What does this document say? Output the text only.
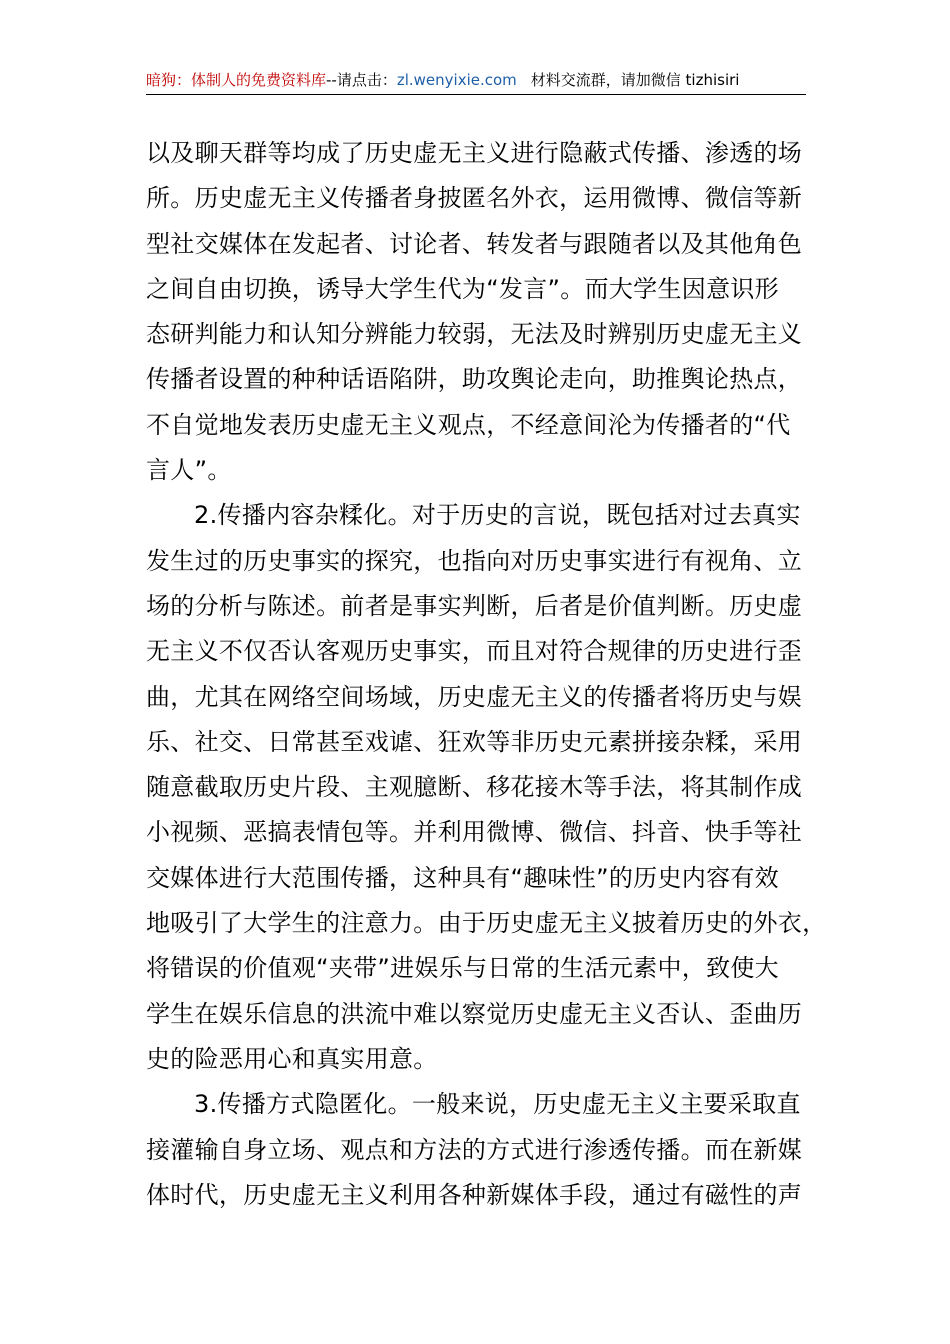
暗狗：体制人的免费资料库--请点击：zl.wenyixie.com 材料交流群，请加微信 tizhisiri
以及聊天群等均成了历史虚无主义进行隐蔽式传播、渗透的场
所。历史虚无主义传播者身披匿名外衣，运用微博、微信等新
型社交媒体在发起者、讨论者、转发者与跟随者以及其他角色
之间自由切换，诱导大学生代为“发言”。而大学生因意识形
态研判能力和认知分辨能力较弱，无法及时辨别历史虚无主义
传播者设置的种种话语陷阱，助攻舆论走向，助推舆论热点，
不自觉地发表历史虚无主义观点，不经意间沦为传播者的“代
言人”。
2.传播内容杂糅化。对于历史的言说，既包括对过去真实
发生过的历史事实的探究，也指向对历史事实进行有视角、立
场的分析与陈述。前者是事实判断，后者是价值判断。历史虚
无主义不仅否认客观历史事实，而且对符合规律的历史进行歪
曲，尤其在网络空间场域，历史虚无主义的传播者将历史与娱
乐、社交、日常甚至戏谑、狂欢等非历史元素拼接杂糅，采用
随意截取历史片段、主观臆断、移花接木等手法，将其制作成
小视频、恶搞表情包等。并利用微博、微信、抖音、快手等社
交媒体进行大范围传播，这种具有“趣味性”的历史内容有效
地吸引了大学生的注意力。由于历史虚无主义披着历史的外衣，
将错误的价值观“夹带”进娱乐与日常的生活元素中，致使大
学生在娱乐信息的洪流中难以察觉历史虚无主义否认、歪曲历
史的险恶用心和真实用意。
3.传播方式隐匿化。一般来说，历史虚无主义主要采取直
接灌输自身立场、观点和方法的方式进行渗透传播。而在新媒
体时代，历史虚无主义利用各种新媒体手段，通过有磁性的声
